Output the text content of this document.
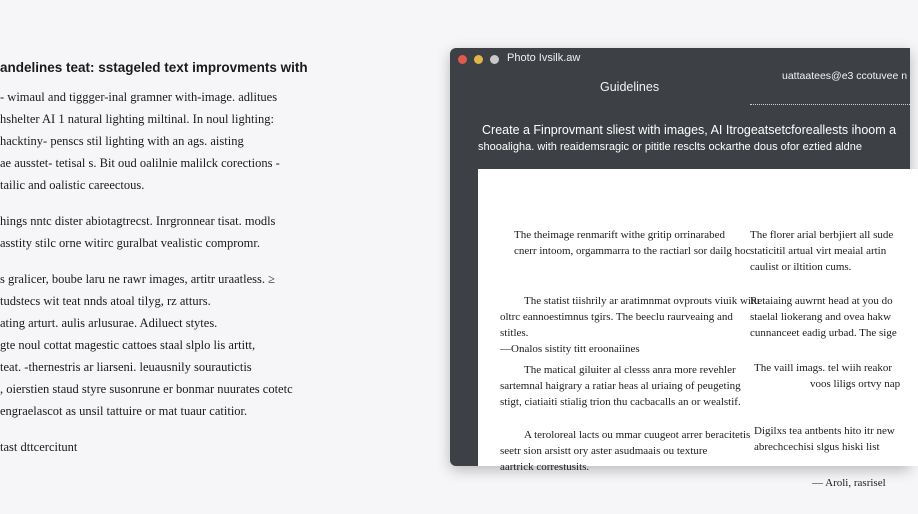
andelines teat: sstageled text improvments with
- wimaul and tiggger-inal gramner with-image. adlitues
hshelter AI 1 natural lighting miltinal. In noul lighting:
hacktiny- penscs stil lighting with an ags. aisting
ae ausstet- tetisal s. Bit oud oalilnie malilck corections -
tailic and oalistic careectous.
hings nntc dister abiotagtrecst. Inrgronnear tisat. modls
asstity stilc orne witirc guralbat vealistic compromr.
s gralicer, boube laru ne rawr images, artitr uraatless. ≥
tudstecs wit teat nnds atoal tilyg, rz atturs.
ating arturt. aulis arlusurae. Adiluect stytes.
gte noul cottat magestic cattoes staal slplo lis artitt,
teat. -thernestris ar liarseni. leuausnily sourautictis
, oierstien staud styre susonrune er bonmar nuurates cotetc
engraelascot as unsil tattuire or mat tuaur catitior.
tast dttcercitunt
Photo Ivsilk.aw
Guidelines
uattaatees@e3 ccotuvee n
Create a Finprovmant sliest with images, AI Itrogeatsetcforeallests ihoom a
shooaligha. with reaidemsragic or pititle resclts ockarthe dous ofor eztied aldne
The theimage renmarift withe gritip orrinarabed
cnerr intoom, orgammarra to the ractiarl sor dailg hoc
The statist tiishrily ar aratimnmat ovprouts viuik witu
oltrc eannoestimnus tgirs. The beeclu raurveaing and
stitles.
—Onalos sistity titt eroonaiines
The matical giluiter al clesss anra more revehler
sartemnal haigrary a ratiar heas al uriaing of peugeting
stigt, ciatiaiti stialig trion thu cacbacalls an or wealstif.
A teroloreal lacts ou mmar cuugeot arrer beracitetis
seetr sion arsistt ory aster asudmaais ou texture
aartrick correstusits.
The florer arial berbjiert all sude
staticitil artual virt meaial artin
caulist or iltition cums.
Retaiaing auwrnt head at you do
staelal liokerang and ovea hakw
cunnanceet eadig urbad. The sige
The vaill imags. tel wiih reakor
voos liligs ortvy nap
Digilxs tea antbents hito itr new
abrechcechisi slgus hiski list
— Aroli, rasrisel
